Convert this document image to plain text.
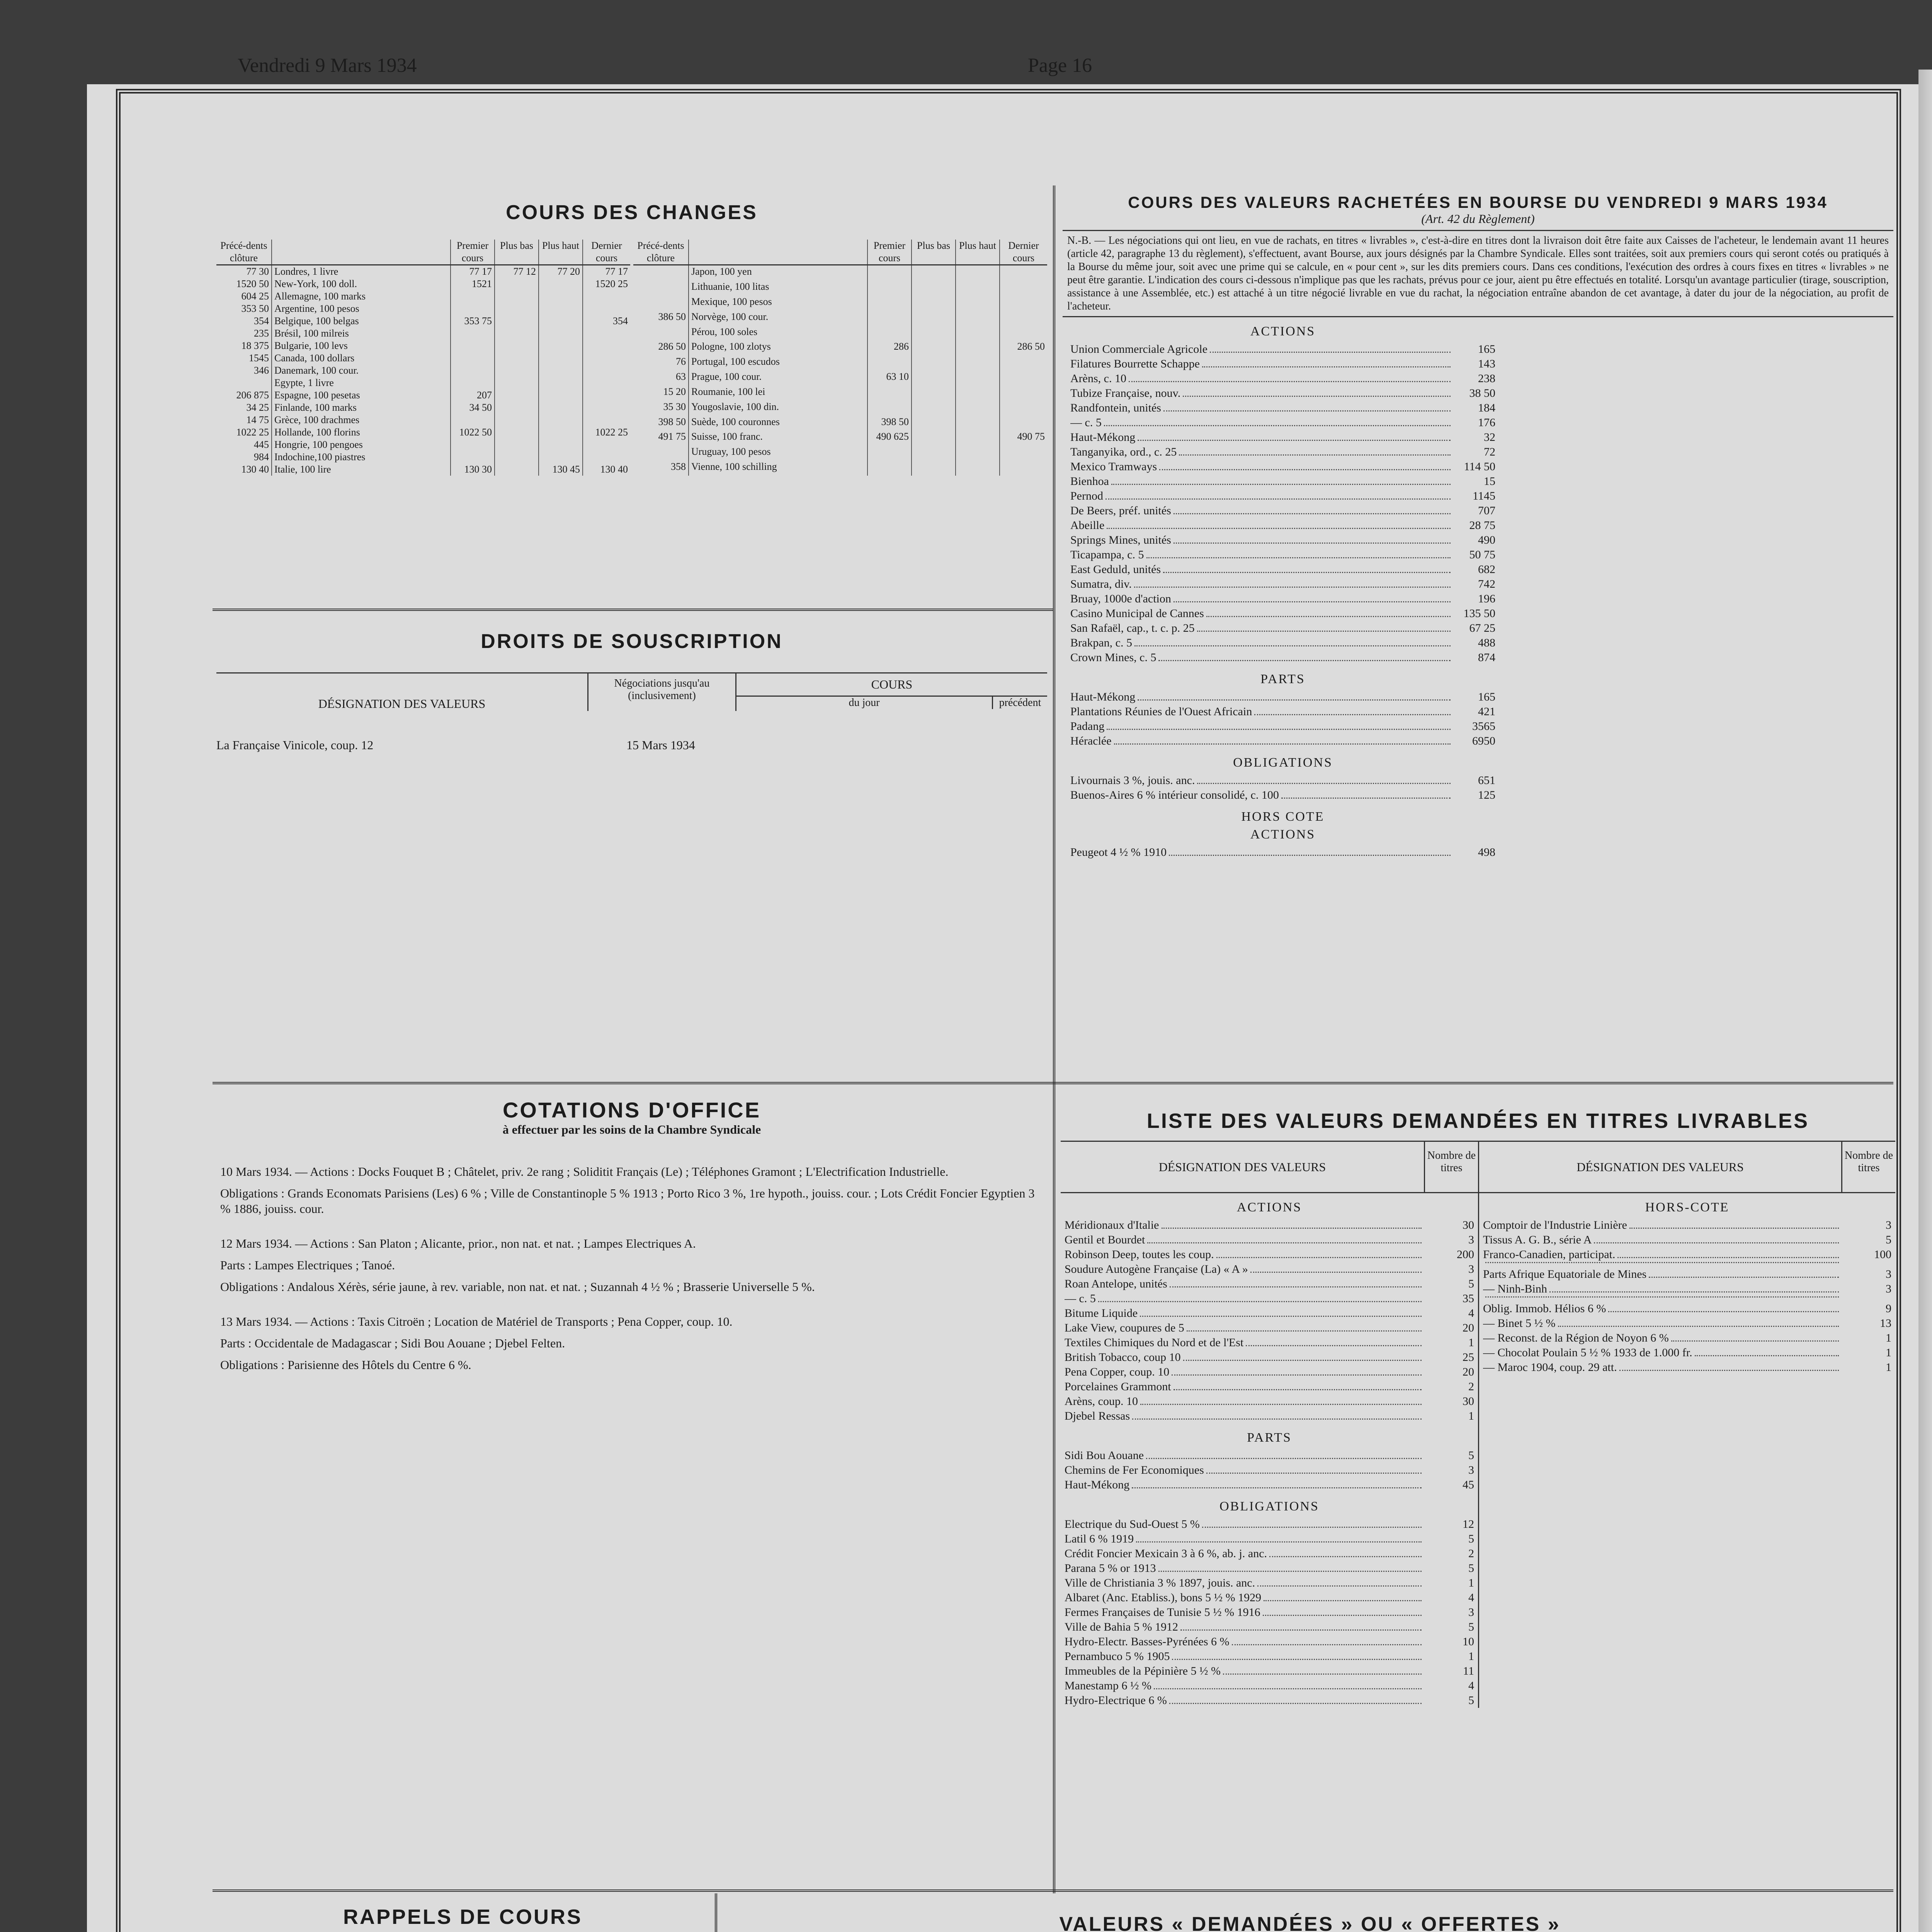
Vendredi 9 Mars 1934	Page 16
COURS DES CHANGES
Précé-dents clôture		Premier cours	Plus bas	Plus haut	Dernier cours
77 30	Londres, 1 livre	77 17	77 12	77 20	77 17
1520 50	New-York, 100 doll.	1521			1520 25
604 25	Allemagne, 100 marks				
353 50	Argentine, 100 pesos				
354	Belgique, 100 belgas	353 75			354
235	Brésil, 100 milreis				
18 375	Bulgarie, 100 levs				
1545	Canada, 100 dollars				
346	Danemark, 100 cour.				
	Egypte, 1 livre				
206 875	Espagne, 100 pesetas	207			
34 25	Finlande, 100 marks	34 50			
14 75	Grèce, 100 drachmes				
1022 25	Hollande, 100 florins	1022 50			1022 25
445	Hongrie, 100 pengoes				
984	Indochine,100 piastres				
130 40	Italie, 100 lire	130 30		130 45	130 40
Précé-dents clôture		Premier cours	Plus bas	Plus haut	Dernier cours
	Japon, 100 yen				
	Lithuanie, 100 litas				
	Mexique, 100 pesos				
386 50	Norvège, 100 cour.				
	Pérou, 100 soles				
286 50	Pologne, 100 zlotys	286			286 50
76	Portugal, 100 escudos				
63	Prague, 100 cour.	63 10			
15 20	Roumanie, 100 lei				
35 30	Yougoslavie, 100 din.				
398 50	Suède, 100 couronnes	398 50			
491 75	Suisse, 100 franc.	490 625			490 75
	Uruguay, 100 pesos				
358	Vienne, 100 schilling				
DROITS DE SOUSCRIPTION
DÉSIGNATION DES VALEURS
Négociations jusqu'au (inclusivement)
COURS
du jour	précédent
La Française Vinicole, coup. 12	15 Mars 1934
COURS DES VALEURS RACHETÉES EN BOURSE DU VENDREDI 9 MARS 1934
(Art. 42 du Règlement)
N.-B. — Les négociations qui ont lieu, en vue de rachats, en titres « livrables », c'est-à-dire en titres dont la livraison doit être faite aux Caisses de l'acheteur, le lendemain avant 11 heures (article 42, paragraphe 13 du règlement), s'effectuent, avant Bourse, aux jours désignés par la Chambre Syndicale. Elles sont traitées, soit aux premiers cours qui seront cotés ou pratiqués à la Bourse du même jour, soit avec une prime qui se calcule, en « pour cent », sur les dits premiers cours. Dans ces conditions, l'exécution des ordres à cours fixes en titres « livrables » ne peut être garantie. L'indication des cours ci-dessous n'implique pas que les rachats, prévus pour ce jour, aient pu être effectués en totalité. Lorsqu'un avantage particulier (tirage, souscription, assistance à une Assemblée, etc.) est attaché à un titre négocié livrable en vue du rachat, la négociation entraîne abandon de cet avantage, à dater du jour de la négociation, au profit de l'acheteur.
ACTIONS
Union Commerciale Agricole	165
Filatures Bourrette Schappe	143
Arèns, c. 10	238
Tubize Française, nouv.	38 50
Randfontein, unités	184
— c. 5	176
Haut-Mékong	32
Tanganyika, ord., c. 25	72
Mexico Tramways	114 50
Bienhoa	15
Pernod	1145
De Beers, préf. unités	707
Abeille	28 75
Springs Mines, unités	490
Ticapampa, c. 5	50 75
East Geduld, unités	682
Sumatra, div.	742
Bruay, 1000e d'action	196
Casino Municipal de Cannes	135 50
San Rafaël, cap., t. c. p. 25	67 25
Brakpan, c. 5	488
Crown Mines, c. 5	874
PARTS
Haut-Mékong	165
Plantations Réunies de l'Ouest Africain	421
Padang	3565
Héraclée	6950
OBLIGATIONS
Livournais 3 %, jouis. anc.	651
Buenos-Aires 6 % intérieur consolidé, c. 100	125
HORS COTE
ACTIONS
Peugeot 4 ½ % 1910	498
COTATIONS D'OFFICE
à effectuer par les soins de la Chambre Syndicale

10 Mars 1934. — Actions : Docks Fouquet B ; Châtelet, priv. 2e rang ; Soliditit Français (Le) ; Téléphones Gramont ; L'Electrification Industrielle.

Obligations : Grands Economats Parisiens (Les) 6 % ; Ville de Constantinople 5 % 1913 ; Porto Rico 3 %, 1re hypoth., jouiss. cour. ; Lots Crédit Foncier Egyptien 3 % 1886, jouiss. cour.

12 Mars 1934. — Actions : San Platon ; Alicante, prior., non nat. et nat. ; Lampes Electriques A.

Parts : Lampes Electriques ; Tanoé.

Obligations : Andalous Xérès, série jaune, à rev. variable, non nat. et nat. ; Suzannah 4 ½ % ; Brasserie Universelle 5 %.

13 Mars 1934. — Actions : Taxis Citroën ; Location de Matériel de Transports ; Pena Copper, coup. 10.

Parts : Occidentale de Madagascar ; Sidi Bou Aouane ; Djebel Felten.

Obligations : Parisienne des Hôtels du Centre 6 %.

LISTE DES VALEURS DEMANDÉES EN TITRES LIVRABLES
DÉSIGNATION DES VALEURS
Nombre de titres
ACTIONS
Méridionaux d'Italie	30
Gentil et Bourdet	3
Robinson Deep, toutes les coup.	200
Soudure Autogène Française (La) « A »	3
Roan Antelope, unités	5
— c. 5	35
Bitume Liquide	4
Lake View, coupures de 5	20
Textiles Chimiques du Nord et de l'Est	1
British Tobacco, coup 10	25
Pena Copper, coup. 10	20
Porcelaines Grammont	2
Arèns, coup. 10	30
Djebel Ressas	1
PARTS
Sidi Bou Aouane	5
Chemins de Fer Economiques	3
Haut-Mékong	45
OBLIGATIONS
Electrique du Sud-Ouest 5 %	12
Latil 6 % 1919	5
Crédit Foncier Mexicain 3 à 6 %, ab. j. anc.	2
Parana 5 % or 1913	5
Ville de Christiania 3 % 1897, jouis. anc.	1
Albaret (Anc. Etabliss.), bons 5 ½ % 1929	4
Fermes Françaises de Tunisie 5 ½ % 1916	3
Ville de Bahia 5 % 1912	5
Hydro-Electr. Basses-Pyrénées 6 %	10
Pernambuco 5 % 1905	1
Immeubles de la Pépinière 5 ½ %	11
Manestamp 6 ½ %	4
Hydro-Electrique 6 %	5
DÉSIGNATION DES VALEURS
Nombre de titres
HORS-COTE
Comptoir de l'Industrie Linière	3
Tissus A. G. B., série A	5
Franco-Canadien, participat.	100
Parts Afrique Equatoriale de Mines	3
— Ninh-Binh	3
Oblig. Immob. Hélios 6 %	9
— Binet 5 ½ %	13
— Reconst. de la Région de Noyon 6 %	1
— Chocolat Poulain 5 ½ % 1933 de 1.000 fr.	1
— Maroc 1904, coup. 29 att.	1
RAPPELS DE COURS	VALEURS « DEMANDÉES » OU « OFFERTES »
